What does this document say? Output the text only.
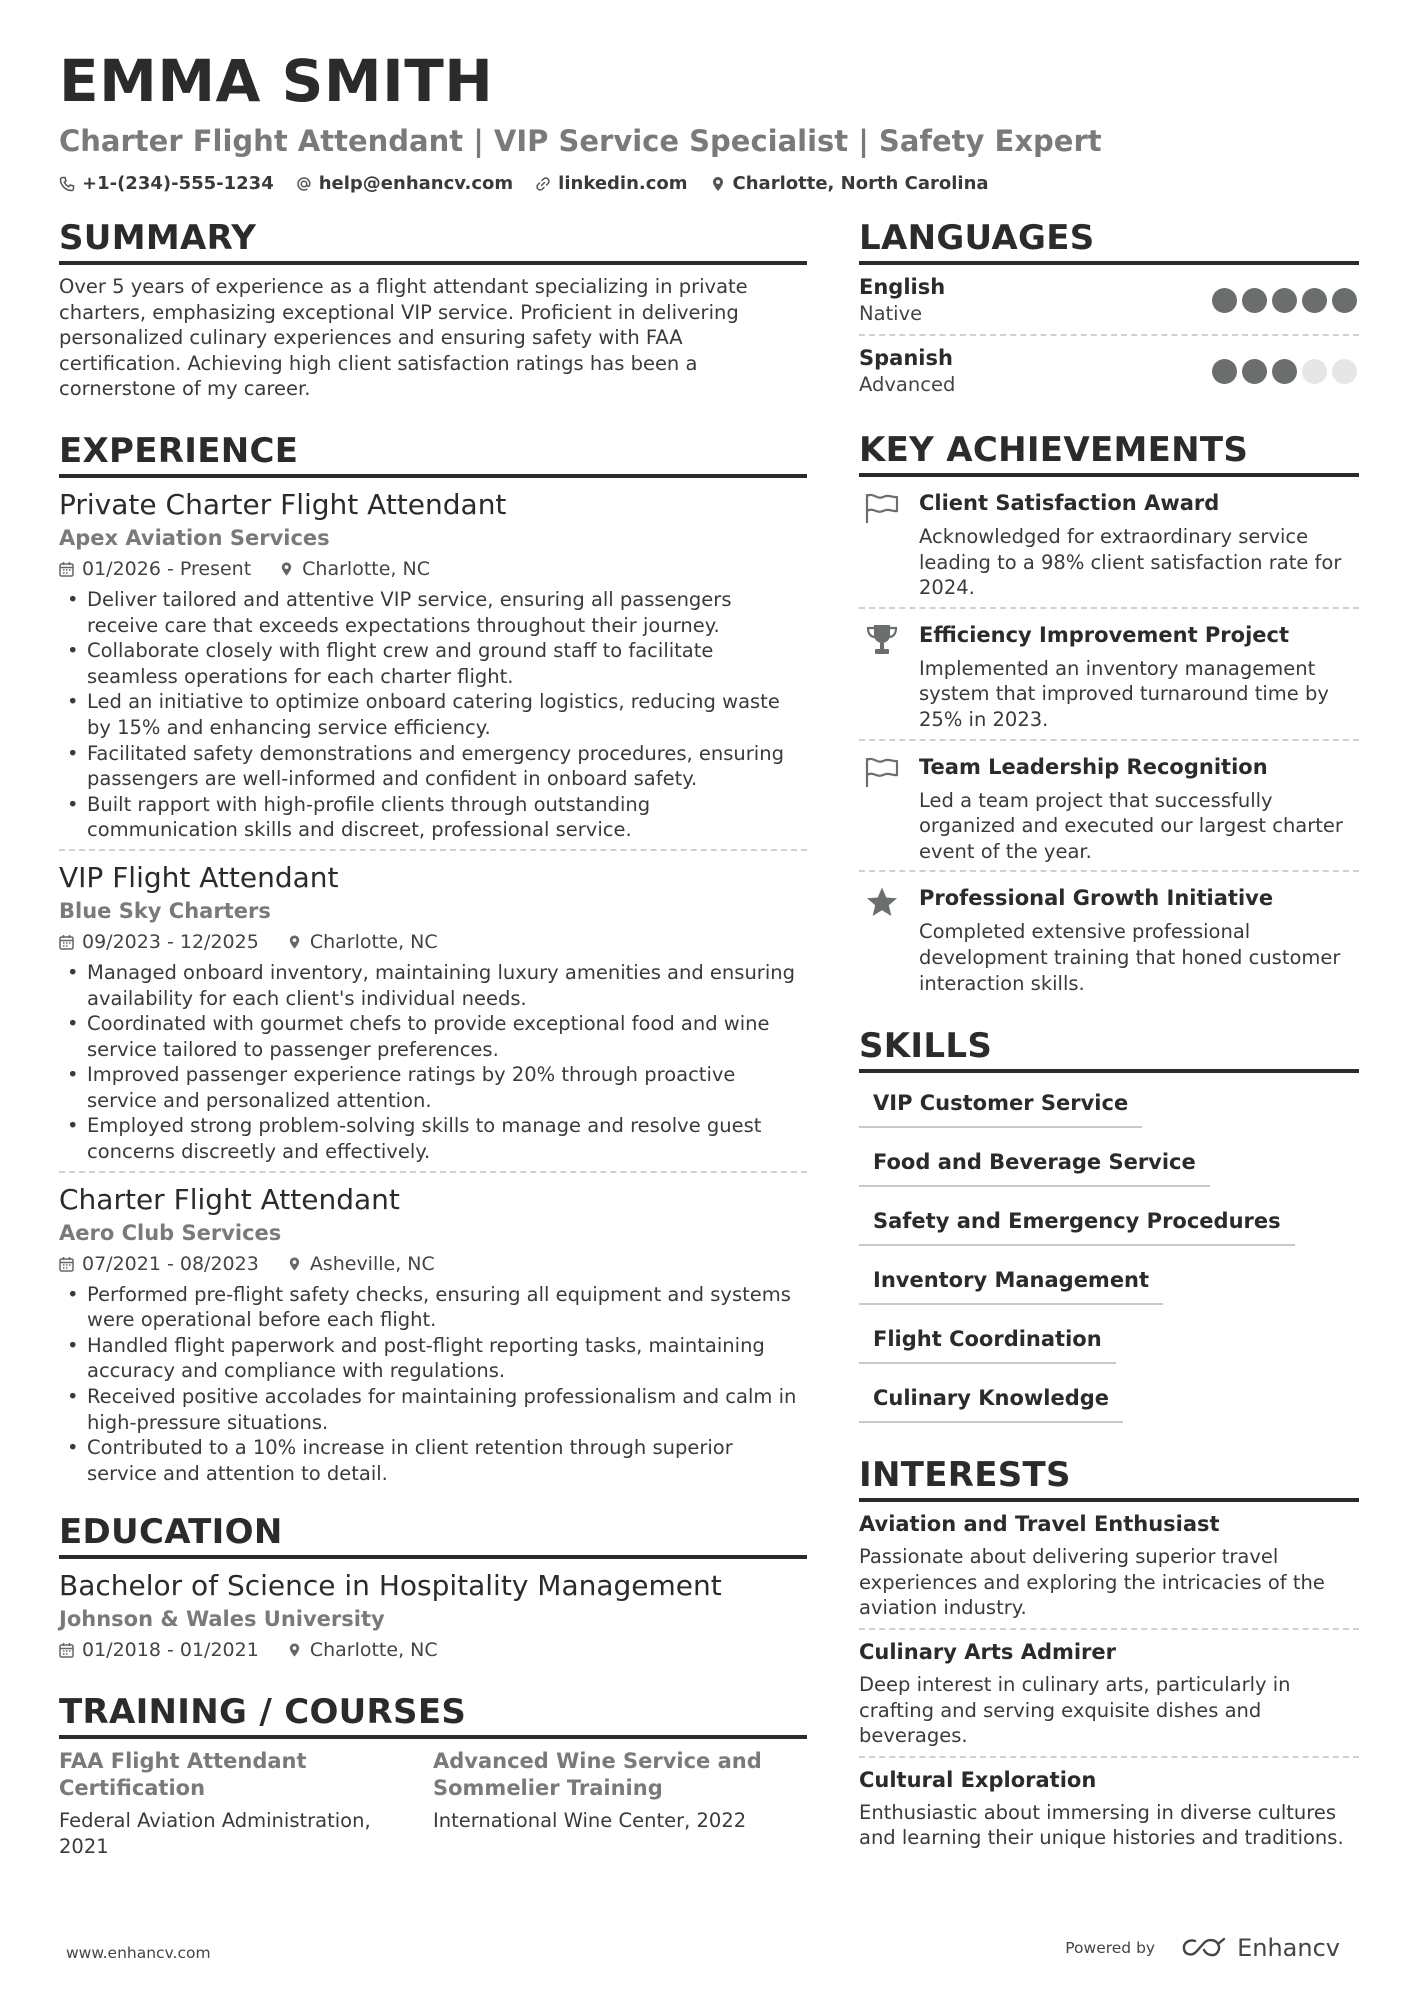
EMMA SMITH
Charter Flight Attendant | VIP Service Specialist | Safety Expert
+1-(234)-555-1234	help@enhancv.com	linkedin.com	Charlotte, North Carolina
SUMMARY

Over 5 years of experience as a flight attendant specializing in private charters, emphasizing exceptional VIP service. Proficient in delivering personalized culinary experiences and ensuring safety with FAA certification. Achieving high client satisfaction ratings has been a cornerstone of my career.

EXPERIENCE
Private Charter Flight Attendant
Apex Aviation Services
01/2026 - Present	Charlotte, NC
• Deliver tailored and attentive VIP service, ensuring all passengers receive care that exceeds expectations throughout their journey.
• Collaborate closely with flight crew and ground staff to facilitate seamless operations for each charter flight.
• Led an initiative to optimize onboard catering logistics, reducing waste by 15% and enhancing service efficiency.
• Facilitated safety demonstrations and emergency procedures, ensuring passengers are well-informed and confident in onboard safety.
• Built rapport with high-profile clients through outstanding communication skills and discreet, professional service.
VIP Flight Attendant
Blue Sky Charters
09/2023 - 12/2025	Charlotte, NC
• Managed onboard inventory, maintaining luxury amenities and ensuring availability for each client's individual needs.
• Coordinated with gourmet chefs to provide exceptional food and wine service tailored to passenger preferences.
• Improved passenger experience ratings by 20% through proactive service and personalized attention.
• Employed strong problem-solving skills to manage and resolve guest concerns discreetly and effectively.
Charter Flight Attendant
Aero Club Services
07/2021 - 08/2023	Asheville, NC
• Performed pre-flight safety checks, ensuring all equipment and systems were operational before each flight.
• Handled flight paperwork and post-flight reporting tasks, maintaining accuracy and compliance with regulations.
• Received positive accolades for maintaining professionalism and calm in high-pressure situations.
• Contributed to a 10% increase in client retention through superior service and attention to detail.
EDUCATION
Bachelor of Science in Hospitality Management
Johnson & Wales University
01/2018 - 01/2021	Charlotte, NC
TRAINING / COURSES
FAA Flight Attendant Certification
Federal Aviation Administration, 2021
Advanced Wine Service and Sommelier Training
International Wine Center, 2022
LANGUAGES
English
Native
Spanish
Advanced
KEY ACHIEVEMENTS
Client Satisfaction Award
Acknowledged for extraordinary service leading to a 98% client satisfaction rate for 2024.
Efficiency Improvement Project
Implemented an inventory management system that improved turnaround time by 25% in 2023.
Team Leadership Recognition
Led a team project that successfully organized and executed our largest charter event of the year.
Professional Growth Initiative
Completed extensive professional development training that honed customer interaction skills.
SKILLS
VIP Customer Service
Food and Beverage Service
Safety and Emergency Procedures
Inventory Management
Flight Coordination
Culinary Knowledge
INTERESTS
Aviation and Travel Enthusiast
Passionate about delivering superior travel experiences and exploring the intricacies of the aviation industry.
Culinary Arts Admirer
Deep interest in culinary arts, particularly in crafting and serving exquisite dishes and beverages.
Cultural Exploration
Enthusiastic about immersing in diverse cultures and learning their unique histories and traditions.
www.enhancv.com	Powered by	Enhancv
